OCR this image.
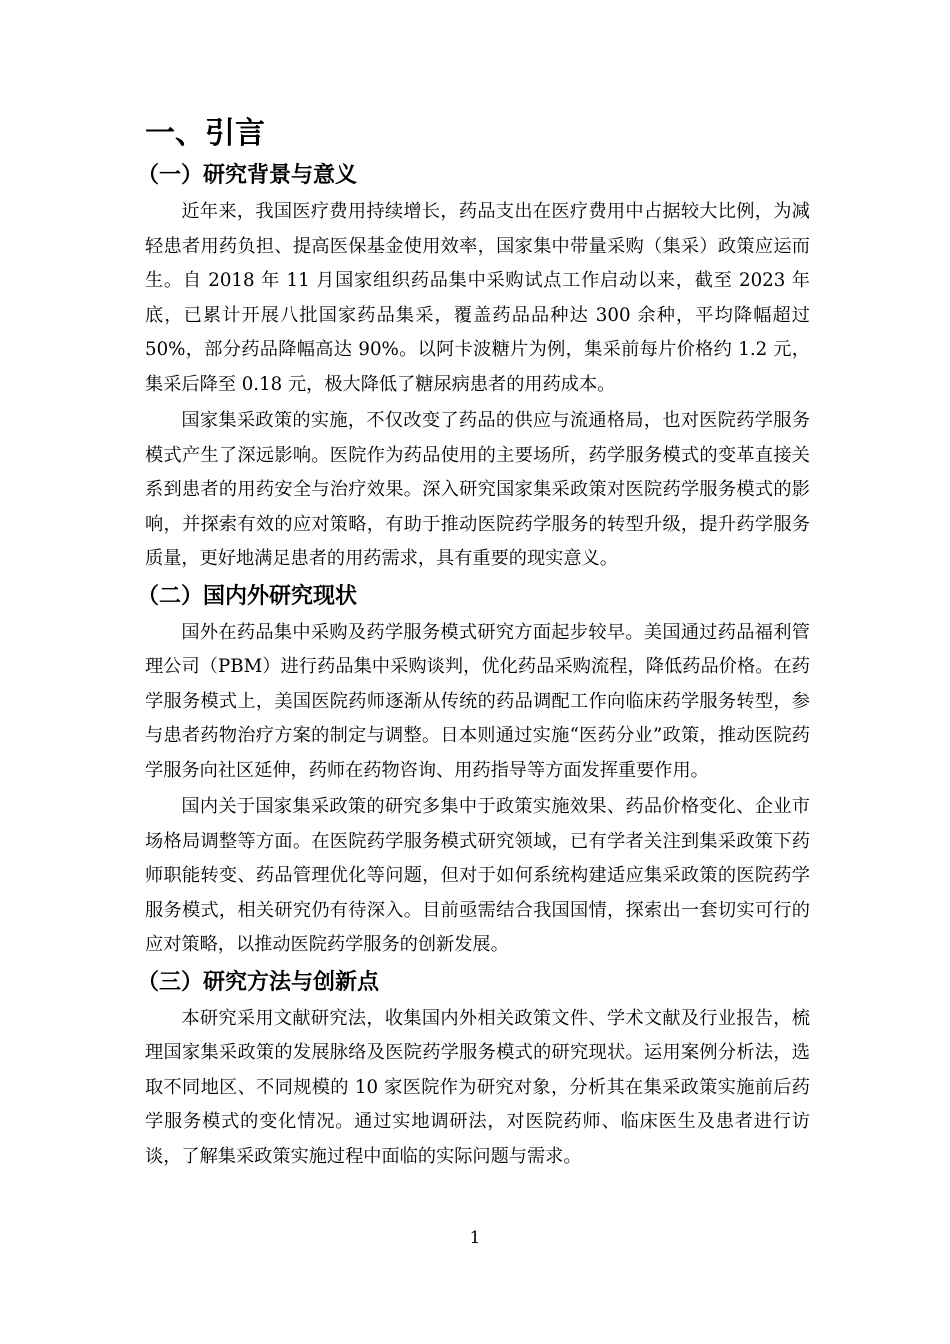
一、引言
（一）研究背景与意义

近年来，我国医疗费用持续增长，药品支出在医疗费用中占据较大比例，为减轻患者用药负担、提高医保基金使用效率，国家集中带量采购（集采）政策应运而生。自 2018 年 11 月国家组织药品集中采购试点工作启动以来，截至 2023 年底，已累计开展八批国家药品集采，覆盖药品品种达 300 余种，平均降幅超过 50%，部分药品降幅高达 90%。以阿卡波糖片为例，集采前每片价格约 1.2 元，集采后降至 0.18 元，极大降低了糖尿病患者的用药成本。

国家集采政策的实施，不仅改变了药品的供应与流通格局，也对医院药学服务模式产生了深远影响。医院作为药品使用的主要场所，药学服务模式的变革直接关系到患者的用药安全与治疗效果。深入研究国家集采政策对医院药学服务模式的影响，并探索有效的应对策略，有助于推动医院药学服务的转型升级，提升药学服务质量，更好地满足患者的用药需求，具有重要的现实意义。

（二）国内外研究现状

国外在药品集中采购及药学服务模式研究方面起步较早。美国通过药品福利管理公司（PBM）进行药品集中采购谈判，优化药品采购流程，降低药品价格。在药学服务模式上，美国医院药师逐渐从传统的药品调配工作向临床药学服务转型，参与患者药物治疗方案的制定与调整。日本则通过实施“医药分业”政策，推动医院药学服务向社区延伸，药师在药物咨询、用药指导等方面发挥重要作用。

国内关于国家集采政策的研究多集中于政策实施效果、药品价格变化、企业市场格局调整等方面。在医院药学服务模式研究领域，已有学者关注到集采政策下药师职能转变、药品管理优化等问题，但对于如何系统构建适应集采政策的医院药学服务模式，相关研究仍有待深入。目前亟需结合我国国情，探索出一套切实可行的应对策略，以推动医院药学服务的创新发展。

（三）研究方法与创新点

本研究采用文献研究法，收集国内外相关政策文件、学术文献及行业报告，梳理国家集采政策的发展脉络及医院药学服务模式的研究现状。运用案例分析法，选取不同地区、不同规模的 10 家医院作为研究对象，分析其在集采政策实施前后药学服务模式的变化情况。通过实地调研法，对医院药师、临床医生及患者进行访谈，了解集采政策实施过程中面临的实际问题与需求。

1
